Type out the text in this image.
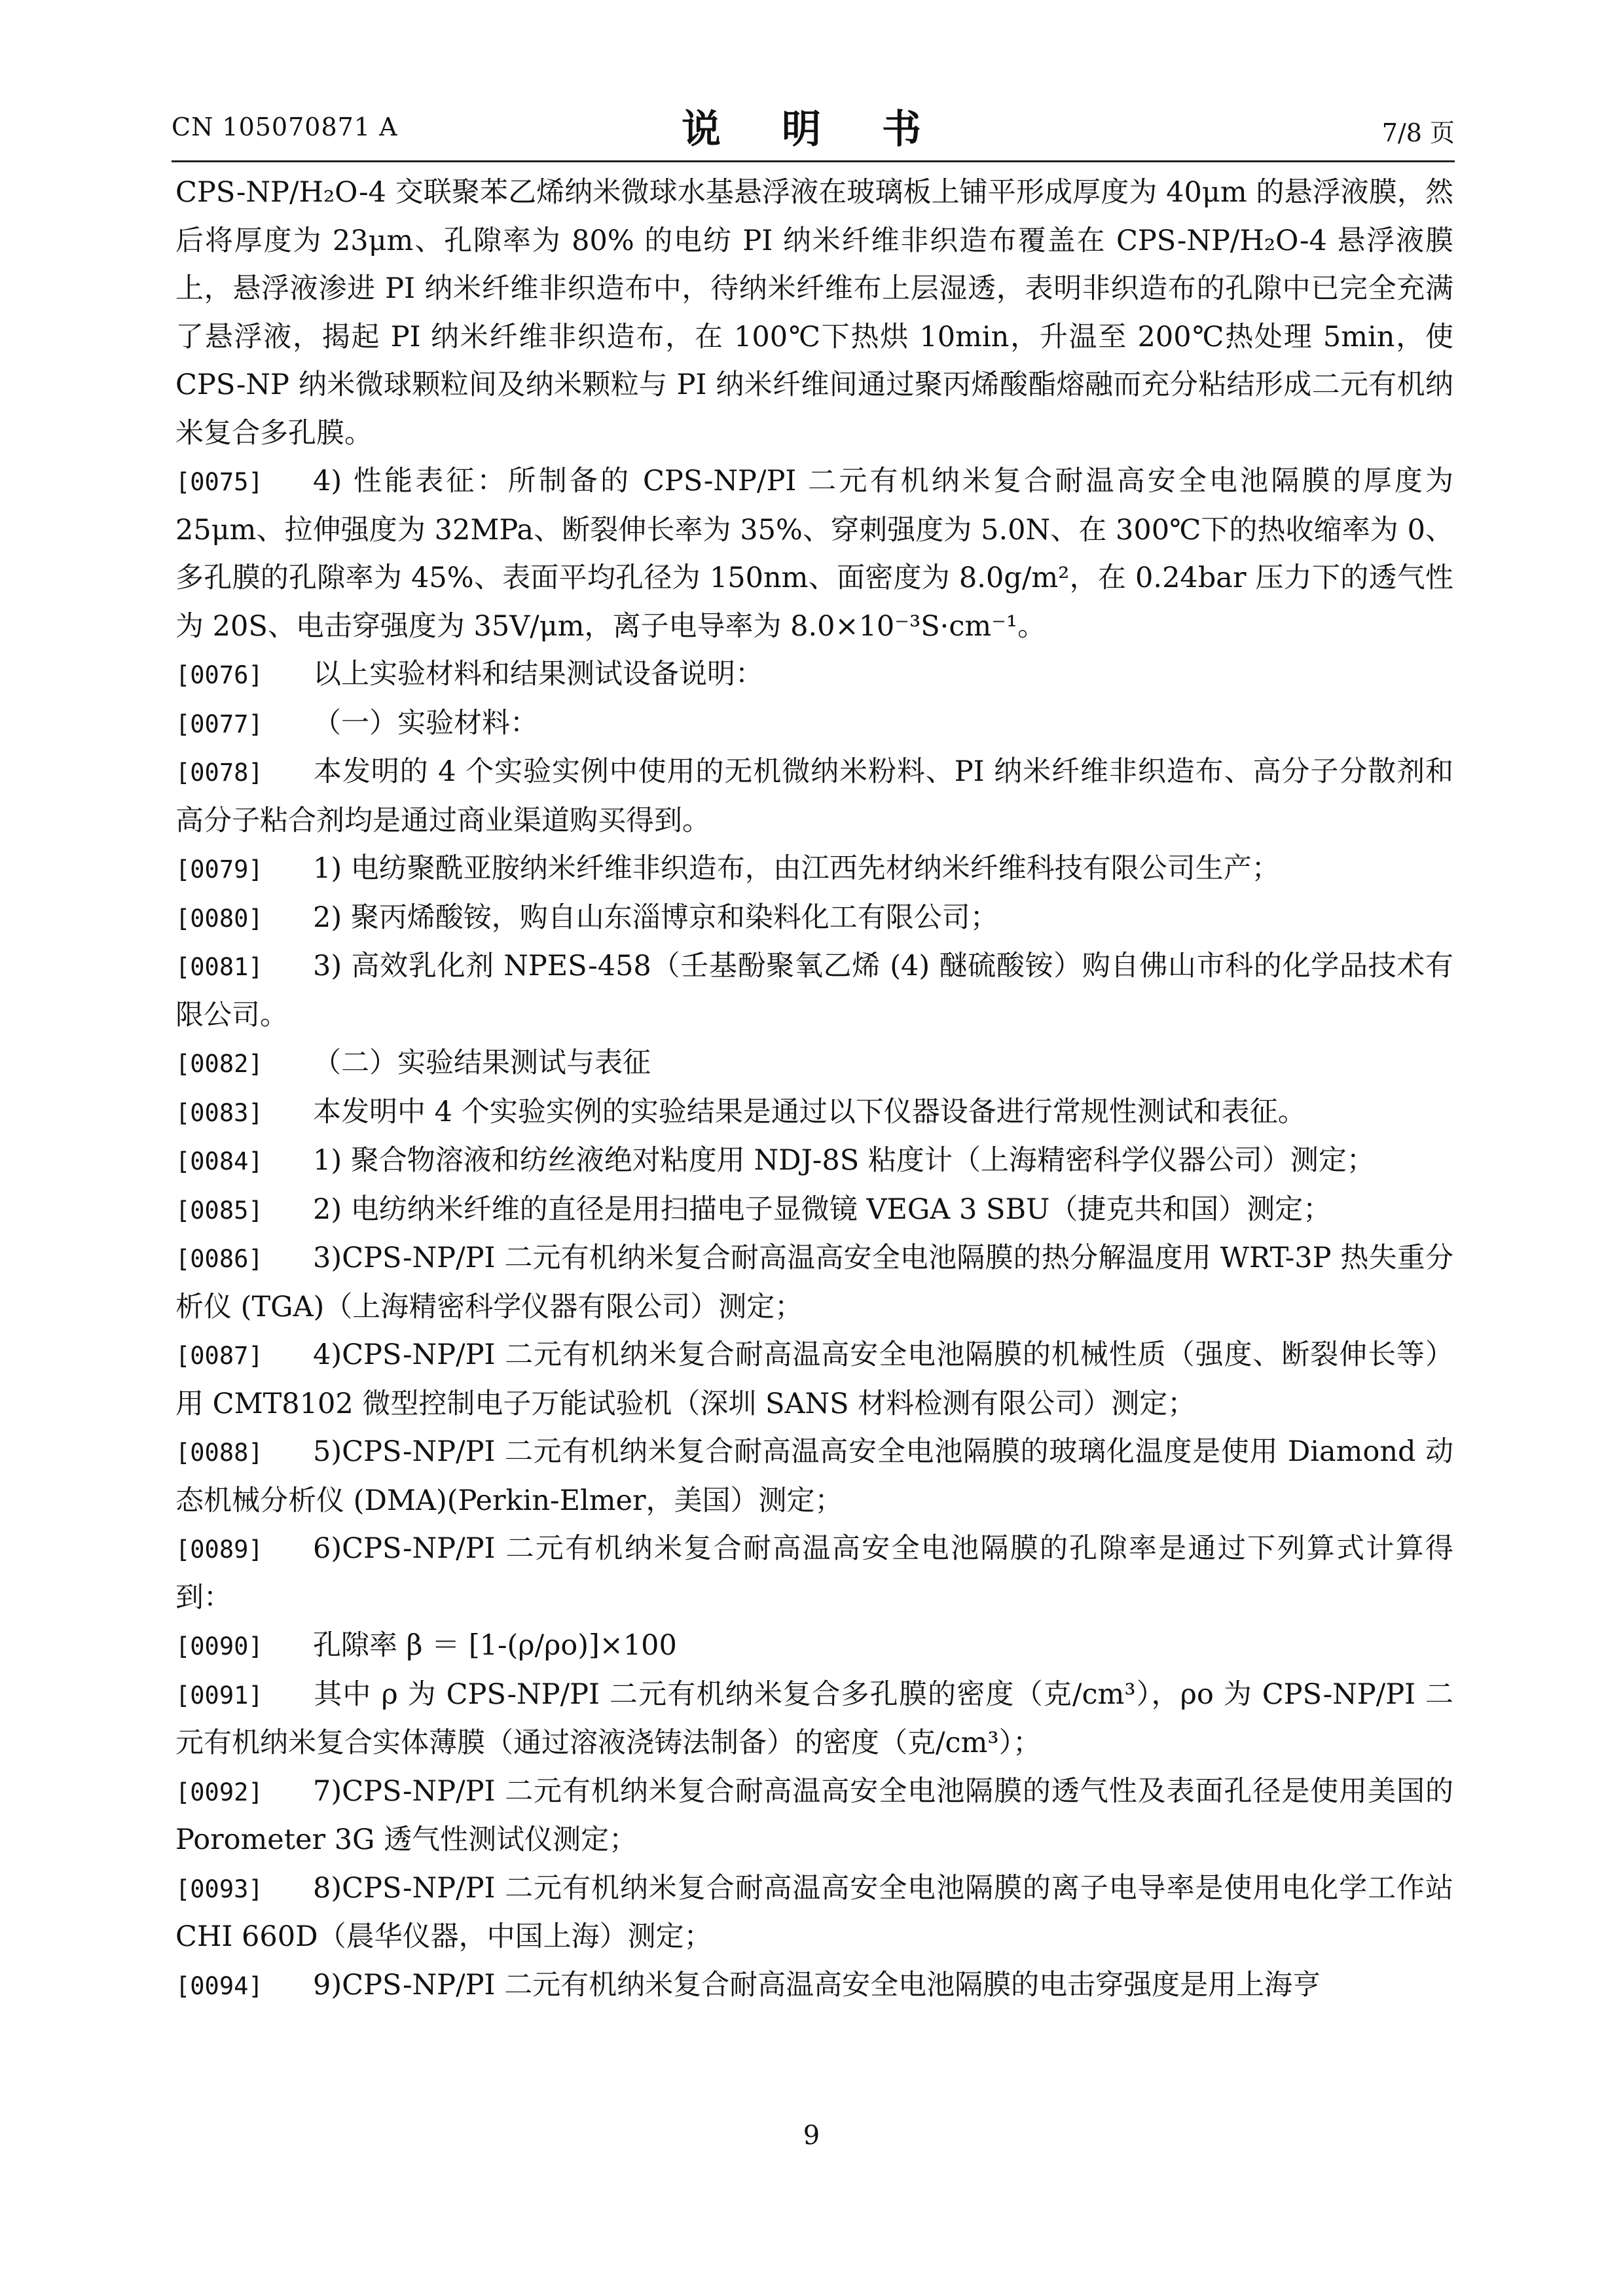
CN 105070871 A	说 明 书	7/8 页

CPS-NP/H₂O-4 交联聚苯乙烯纳米微球水基悬浮液在玻璃板上铺平形成厚度为 40μm 的悬浮液膜，然后将厚度为 23μm、孔隙率为 80% 的电纺 PI 纳米纤维非织造布覆盖在 CPS-NP/H₂O-4 悬浮液膜上，悬浮液渗进 PI 纳米纤维非织造布中，待纳米纤维布上层湿透，表明非织造布的孔隙中已完全充满了悬浮液，揭起 PI 纳米纤维非织造布，在 100℃下热烘 10min，升温至 200℃热处理 5min，使 CPS-NP 纳米微球颗粒间及纳米颗粒与 PI 纳米纤维间通过聚丙烯酸酯熔融而充分粘结形成二元有机纳米复合多孔膜。

[0075] 4) 性能表征：所制备的 CPS-NP/PI 二元有机纳米复合耐温高安全电池隔膜的厚度为 25μm、拉伸强度为 32MPa、断裂伸长率为 35%、穿刺强度为 5.0N、在 300℃下的热收缩率为 0、多孔膜的孔隙率为 45%、表面平均孔径为 150nm、面密度为 8.0g/m²，在 0.24bar 压力下的透气性为 20S、电击穿强度为 35V/μm，离子电导率为 8.0×10⁻³S·cm⁻¹。

[0076] 以上实验材料和结果测试设备说明：

[0077] （一）实验材料：

[0078] 本发明的 4 个实验实例中使用的无机微纳米粉料、PI 纳米纤维非织造布、高分子分散剂和高分子粘合剂均是通过商业渠道购买得到。

[0079] 1) 电纺聚酰亚胺纳米纤维非织造布，由江西先材纳米纤维科技有限公司生产；

[0080] 2) 聚丙烯酸铵，购自山东淄博京和染料化工有限公司；

[0081] 3) 高效乳化剂 NPES-458（壬基酚聚氧乙烯 (4) 醚硫酸铵）购自佛山市科的化学品技术有限公司。

[0082] （二）实验结果测试与表征

[0083] 本发明中 4 个实验实例的实验结果是通过以下仪器设备进行常规性测试和表征。

[0084] 1) 聚合物溶液和纺丝液绝对粘度用 NDJ-8S 粘度计（上海精密科学仪器公司）测定；

[0085] 2) 电纺纳米纤维的直径是用扫描电子显微镜 VEGA 3 SBU（捷克共和国）测定；

[0086] 3)CPS-NP/PI 二元有机纳米复合耐高温高安全电池隔膜的热分解温度用 WRT-3P 热失重分析仪 (TGA)（上海精密科学仪器有限公司）测定；

[0087] 4)CPS-NP/PI 二元有机纳米复合耐高温高安全电池隔膜的机械性质（强度、断裂伸长等）用 CMT8102 微型控制电子万能试验机（深圳 SANS 材料检测有限公司）测定；

[0088] 5)CPS-NP/PI 二元有机纳米复合耐高温高安全电池隔膜的玻璃化温度是使用 Diamond 动态机械分析仪 (DMA)(Perkin-Elmer，美国）测定；

[0089] 6)CPS-NP/PI 二元有机纳米复合耐高温高安全电池隔膜的孔隙率是通过下列算式计算得到：

[0090] 孔隙率 β ＝ [1-(ρ/ρo)]×100

[0091] 其中 ρ 为 CPS-NP/PI 二元有机纳米复合多孔膜的密度（克/cm³），ρo 为 CPS-NP/PI 二元有机纳米复合实体薄膜（通过溶液浇铸法制备）的密度（克/cm³）；

[0092] 7)CPS-NP/PI 二元有机纳米复合耐高温高安全电池隔膜的透气性及表面孔径是使用美国的 Porometer 3G 透气性测试仪测定；

[0093] 8)CPS-NP/PI 二元有机纳米复合耐高温高安全电池隔膜的离子电导率是使用电化学工作站 CHI 660D（晨华仪器，中国上海）测定；

[0094] 9)CPS-NP/PI 二元有机纳米复合耐高温高安全电池隔膜的电击穿强度是用上海亨

9
